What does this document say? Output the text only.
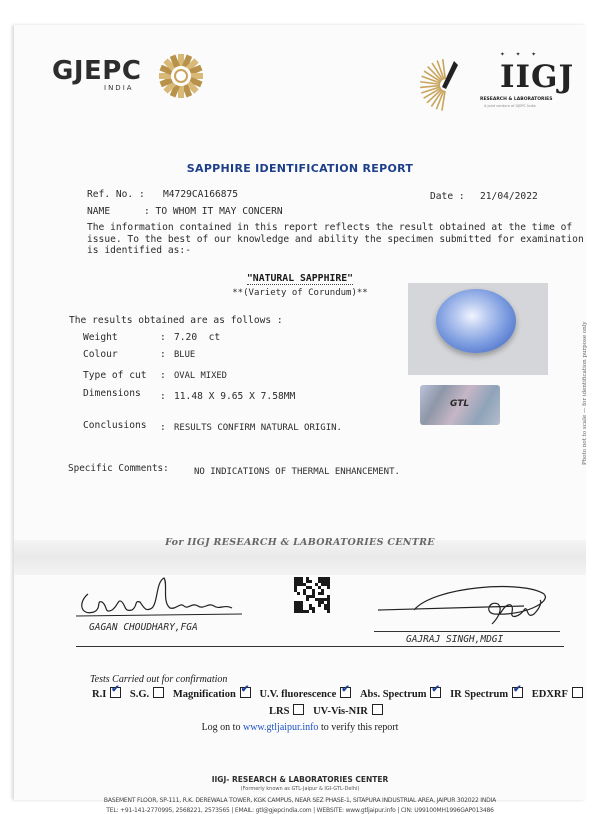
GJEPC
INDIA
✦ ✦ ✦
IIGJ
RESEARCH & LABORATORIES
A joint venture of GJEPC India
SAPPHIRE IDENTIFICATION REPORT
Ref. No. : M4729CA166875	Date : 21/04/2022
NAME	: TO WHOM IT MAY CONCERN
The information contained in this report reflects the result obtained at the time of issue. To the best of our knowledge and ability the specimen submitted for examination is identified as:-
"NATURAL SAPPHIRE"
**(Variety of Corundum)**
The results obtained are as follows :
Weight	: 7.20  ct
Colour	: BLUE
Type of cut : OVAL MIXED
Dimensions : 11.48 X 9.65 X 7.58MM
Conclusions : RESULTS CONFIRM NATURAL ORIGIN.
Specific Comments:	NO INDICATIONS OF THERMAL ENHANCEMENT.
GTL	Photo not to scale — for identification purpose only
For IIGJ RESEARCH & LABORATORIES CENTRE
GAGAN CHOUDHARY,FGA
GAJRAJ SINGH,MDGI
Tests Carried out for confirmation
R.I ✔ S.G. Magnification ✔ U.V. fluorescence ✔ Abs. Spectrum ✔ IR Spectrum ✔ EDXRF
LRS UV-Vis-NIR
Log on to www.gtljaipur.info to verify this report
IIGJ- RESEARCH & LABORATORIES CENTER
(Formerly known as GTL-Jaipur & IGI-GTL-Delhi)
BASEMENT FLOOR, SP-111, R.K. DEREWALA TOWER, KGK CAMPUS, NEAR SEZ PHASE-1, SITAPURA INDUSTRIAL AREA, JAIPUR 302022 INDIA
TEL: +91-141-2770995, 2568221, 2573565 | EMAIL: gtl@gjepcindia.com | WEBSITE: www.gtljaipur.info | CIN: U99100MH1996GAP013486
